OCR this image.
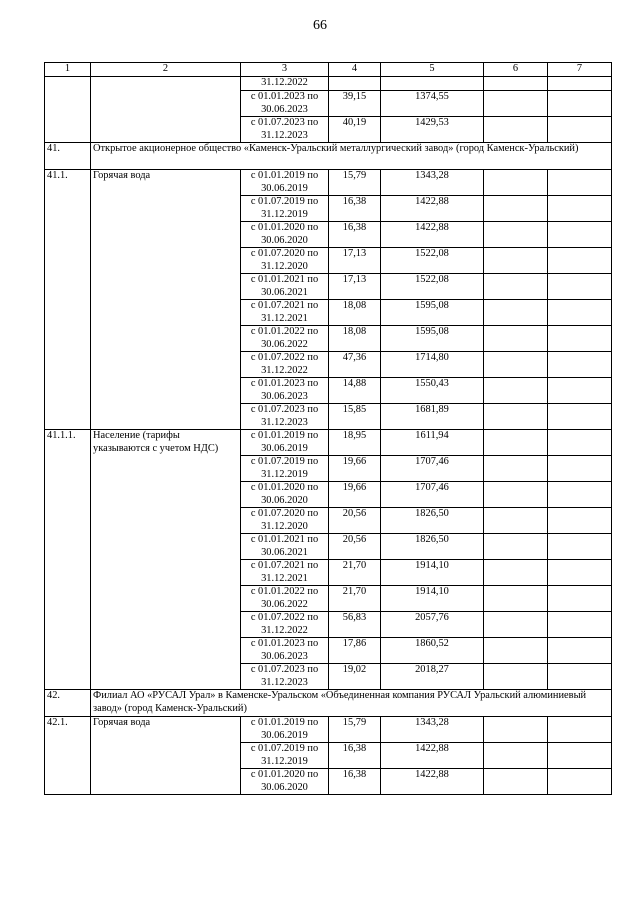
66
1	2	3	4	5	6	7
		31.12.2022				
		с 01.01.2023 по 30.06.2023	39,15	1374,55		
		с 01.07.2023 по 31.12.2023	40,19	1429,53		
41.	Открытое акционерное общество «Каменск-Уральский металлургический завод» (город Каменск-Уральский)					
41.1.	Горячая вода	с 01.01.2019 по 30.06.2019	15,79	1343,28		
		с 01.07.2019 по 31.12.2019	16,38	1422,88		
		с 01.01.2020 по 30.06.2020	16,38	1422,88		
		с 01.07.2020 по 31.12.2020	17,13	1522,08		
		с 01.01.2021 по 30.06.2021	17,13	1522,08		
		с 01.07.2021 по 31.12.2021	18,08	1595,08		
		с 01.01.2022 по 30.06.2022	18,08	1595,08		
		с 01.07.2022 по 31.12.2022	47,36	1714,80		
		с 01.01.2023 по 30.06.2023	14,88	1550,43		
		с 01.07.2023 по 31.12.2023	15,85	1681,89		
41.1.1.	Население (тарифы указываются с учетом НДС)	с 01.01.2019 по 30.06.2019	18,95	1611,94		
		с 01.07.2019 по 31.12.2019	19,66	1707,46		
		с 01.01.2020 по 30.06.2020	19,66	1707,46		
		с 01.07.2020 по 31.12.2020	20,56	1826,50		
		с 01.01.2021 по 30.06.2021	20,56	1826,50		
		с 01.07.2021 по 31.12.2021	21,70	1914,10		
		с 01.01.2022 по 30.06.2022	21,70	1914,10		
		с 01.07.2022 по 31.12.2022	56,83	2057,76		
		с 01.01.2023 по 30.06.2023	17,86	1860,52		
		с 01.07.2023 по 31.12.2023	19,02	2018,27		
42.	Филиал АО «РУСАЛ Урал» в Каменске-Уральском «Объединенная компания РУСАЛ Уральский алюминиевый завод» (город Каменск-Уральский)					
42.1.	Горячая вода	с 01.01.2019 по 30.06.2019	15,79	1343,28		
		с 01.07.2019 по 31.12.2019	16,38	1422,88		
		с 01.01.2020 по 30.06.2020	16,38	1422,88		
